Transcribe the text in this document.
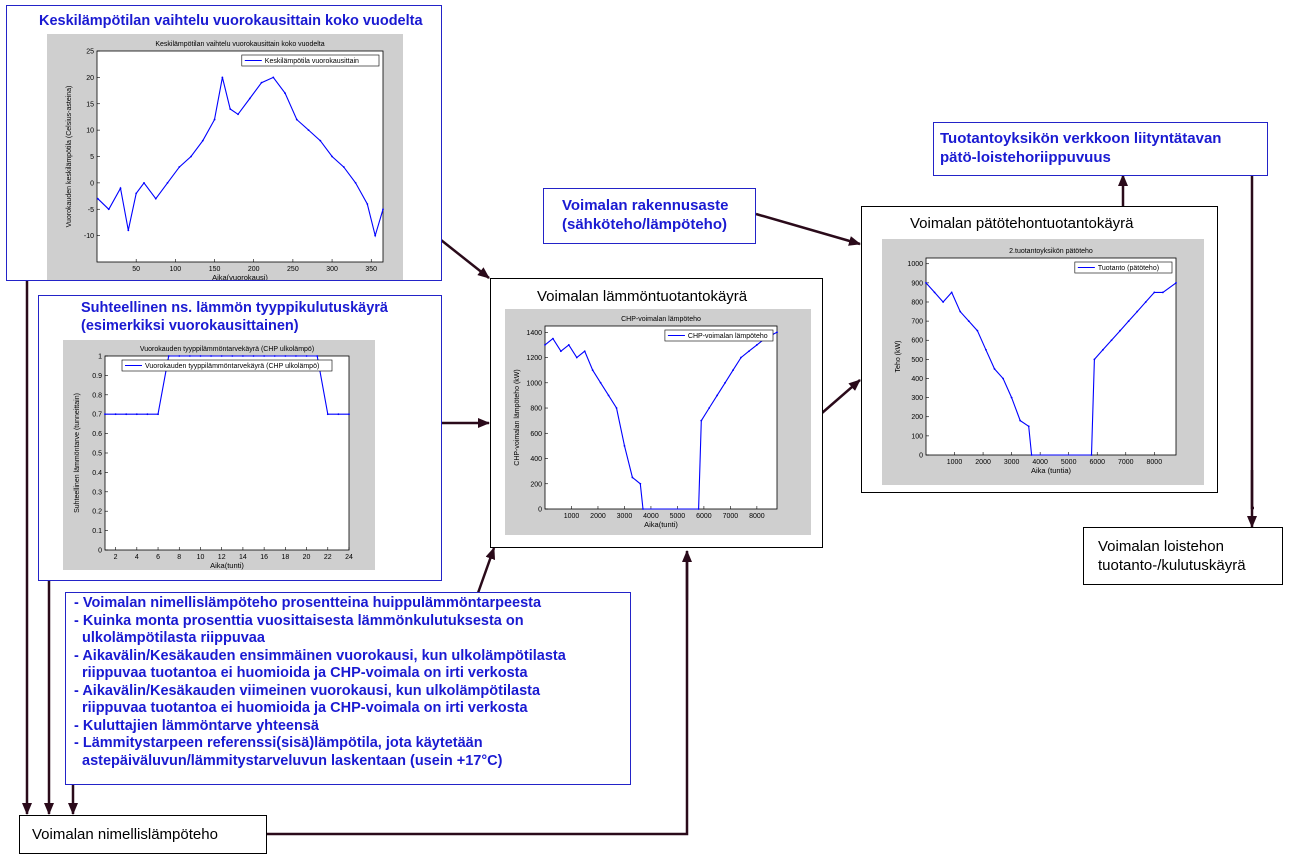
Keskilämpötilan vaihtelu vuorokausittain koko vuodelta
Keskilämpötilan vaihtelu vuorokausittain koko vuodelta
50	100	150	200	250	300	350
-10
-5
0
5
10
15
20
25
Aika(vuorokausi)
Vuorokauden keskilämpötila (Celsius-asteina)
Keskilämpötila vuorokausittain
Suhteellinen ns. lämmön tyyppikulutuskäyrä
(esimerkiksi vuorokausittainen)
Vuorokauden tyyppilämmöntarvekäyrä (CHP ulkolämpö)
2 4 6 8 10 12 14 16 18 20 22 24
0
0.1
0.2
0.3
0.4
0.5
0.6
0.7
0.8
0.9
1
Aika(tunti)
Suhteellinen lämmöntarve (tunneittain)
Vuorokauden tyyppilämmöntarvekäyrä (CHP ulkolämpö)
Voimalan lämmöntuotantokäyrä
CHP-voimalan lämpöteho
1000 2000 3000 4000 5000 6000 7000 8000
0
200
400
600
800
1000
1200
1400
Aika(tunti)
CHP-voimalan lämpöteho (kW)
CHP-voimalan lämpöteho
Voimalan rakennusaste
(sähköteho/lämpöteho)	Voimalan pätötehontuotantokäyrä
2.tuotantoyksikön pätöteho
1000 2000 3000 4000 5000 6000 7000 8000
0
100
200
300
400
500
600
700
800
900
1000
Aika (tuntia)
Teho (kW)
Tuotanto (pätöteho)
Tuotantoyksikön verkkoon liityntätavan
pätö-loistehoriippuvuus
Voimalan loistehon
tuotanto-/kulutuskäyrä
- Voimalan nimellislämpöteho prosentteina huippulämmöntarpeesta
- Kuinka monta prosenttia vuosittaisesta lämmönkulutuksesta on
ulkolämpötilasta riippuvaa
- Aikavälin/Kesäkauden ensimmäinen vuorokausi, kun ulkolämpötilasta
riippuvaa tuotantoa ei huomioida ja CHP-voimala on irti verkosta
- Aikavälin/Kesäkauden viimeinen vuorokausi, kun ulkolämpötilasta
riippuvaa tuotantoa ei huomioida ja CHP-voimala on irti verkosta
- Kuluttajien lämmöntarve yhteensä
- Lämmitystarpeen referenssi(sisä)lämpötila, jota käytetään
astepäiväluvun/lämmitystarveluvun laskentaan (usein +17°C)
Voimalan nimellislämpöteho
